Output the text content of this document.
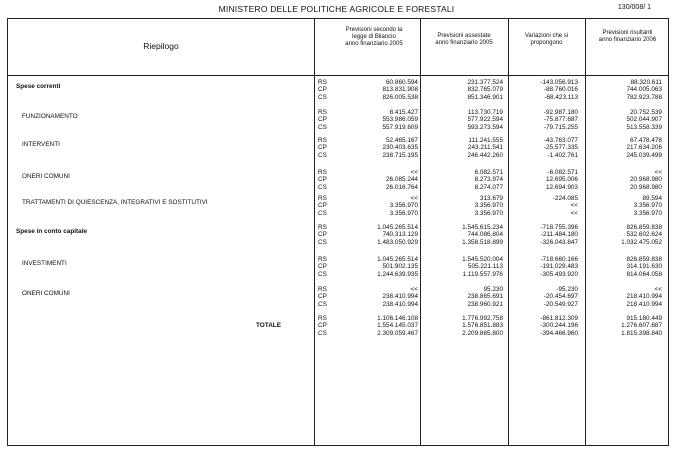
MINISTERO DELLE POLITICHE AGRICOLE E FORESTALI	130/008/ 1
Riepilogo
Previsioni secondo la
legge di Bilancio
anno finanziario 2005
Previsioni assestate
anno finanziario 2005
Variazioni che si
propongono
Previsioni risultanti
anno finanziario 2006
Spese correnti
RS
CP
CS
60.860.594
813.831.908
826.005.538
231.377.524
832.765.079
851.346.901
-143.056.913
-88.760.016
-68.423.113
88.320.611
744.005.063
782.923.788
FUNZIONAMENTO
RS
CP
CS
8.415.427
553.986.059
557.919.609
113.730.719
577.922.594
593.273.594
-92.987.180
-75.877.687
-79.715.255
20.752.539
502.044.907
513.558.339
INTERVENTI
RS
CP
CS
52.465.167
230.403.635
238.715.195
111.241.555
243.211.541
246.442.260
-43.763.077
-25.577.335
-1.402.761
67.478.478
217.634.206
245.039.499
ONERI COMUNI
RS
CP
CS
<<
26.085.244
26.016.764
6.082.571
8.273.974
8.274.077
-6.082.571
12.695.006
12.694.903
<<
20.968.980
20.968.980
TRATTAMENTI DI QUIESCENZA, INTEGRATIVI E SOSTITUTIVI
RS
CP
CS
<<
3.356.970
3.356.970
313.679
3.356.970
3.356.970
-224.085
<<
<<
89.594
3.356.970
3.356.970
Spese in conto capitale
RS
CP
CS
1.045.265.514
740.313.129
1.483.050.929
1.545.615.234
744.086.804
1.358.518.899
-718.755.396
-211.484.180
-326.043.847
826.859.838
532.602.624
1.032.475.052
INVESTIMENTI
RS
CP
CS
1.045.265.514
501.902.135
1.244.639.935
1.545.520.004
505.221.113
1.119.557.976
-718.660.166
-191.029.483
-305.493.920
826.859.838
314.191.630
814.064.058
ONERI COMUNI
RS
CP
CS
<<
238.410.994
238.410.994
95.230
238.865.691
238.960.921
-95.230
-20.454.697
-20.549.927
<<
218.410.994
218.410.994
TOTALE
RS
CP
CS
1.106.146.108
1.554.145.037
2.309.059.467
1.776.992.758
1.576.851.883
2.209.865.800
-861.812.309
-300.244.196
-394.466.960
915.180.449
1.276.607.687
1.815.398.840
